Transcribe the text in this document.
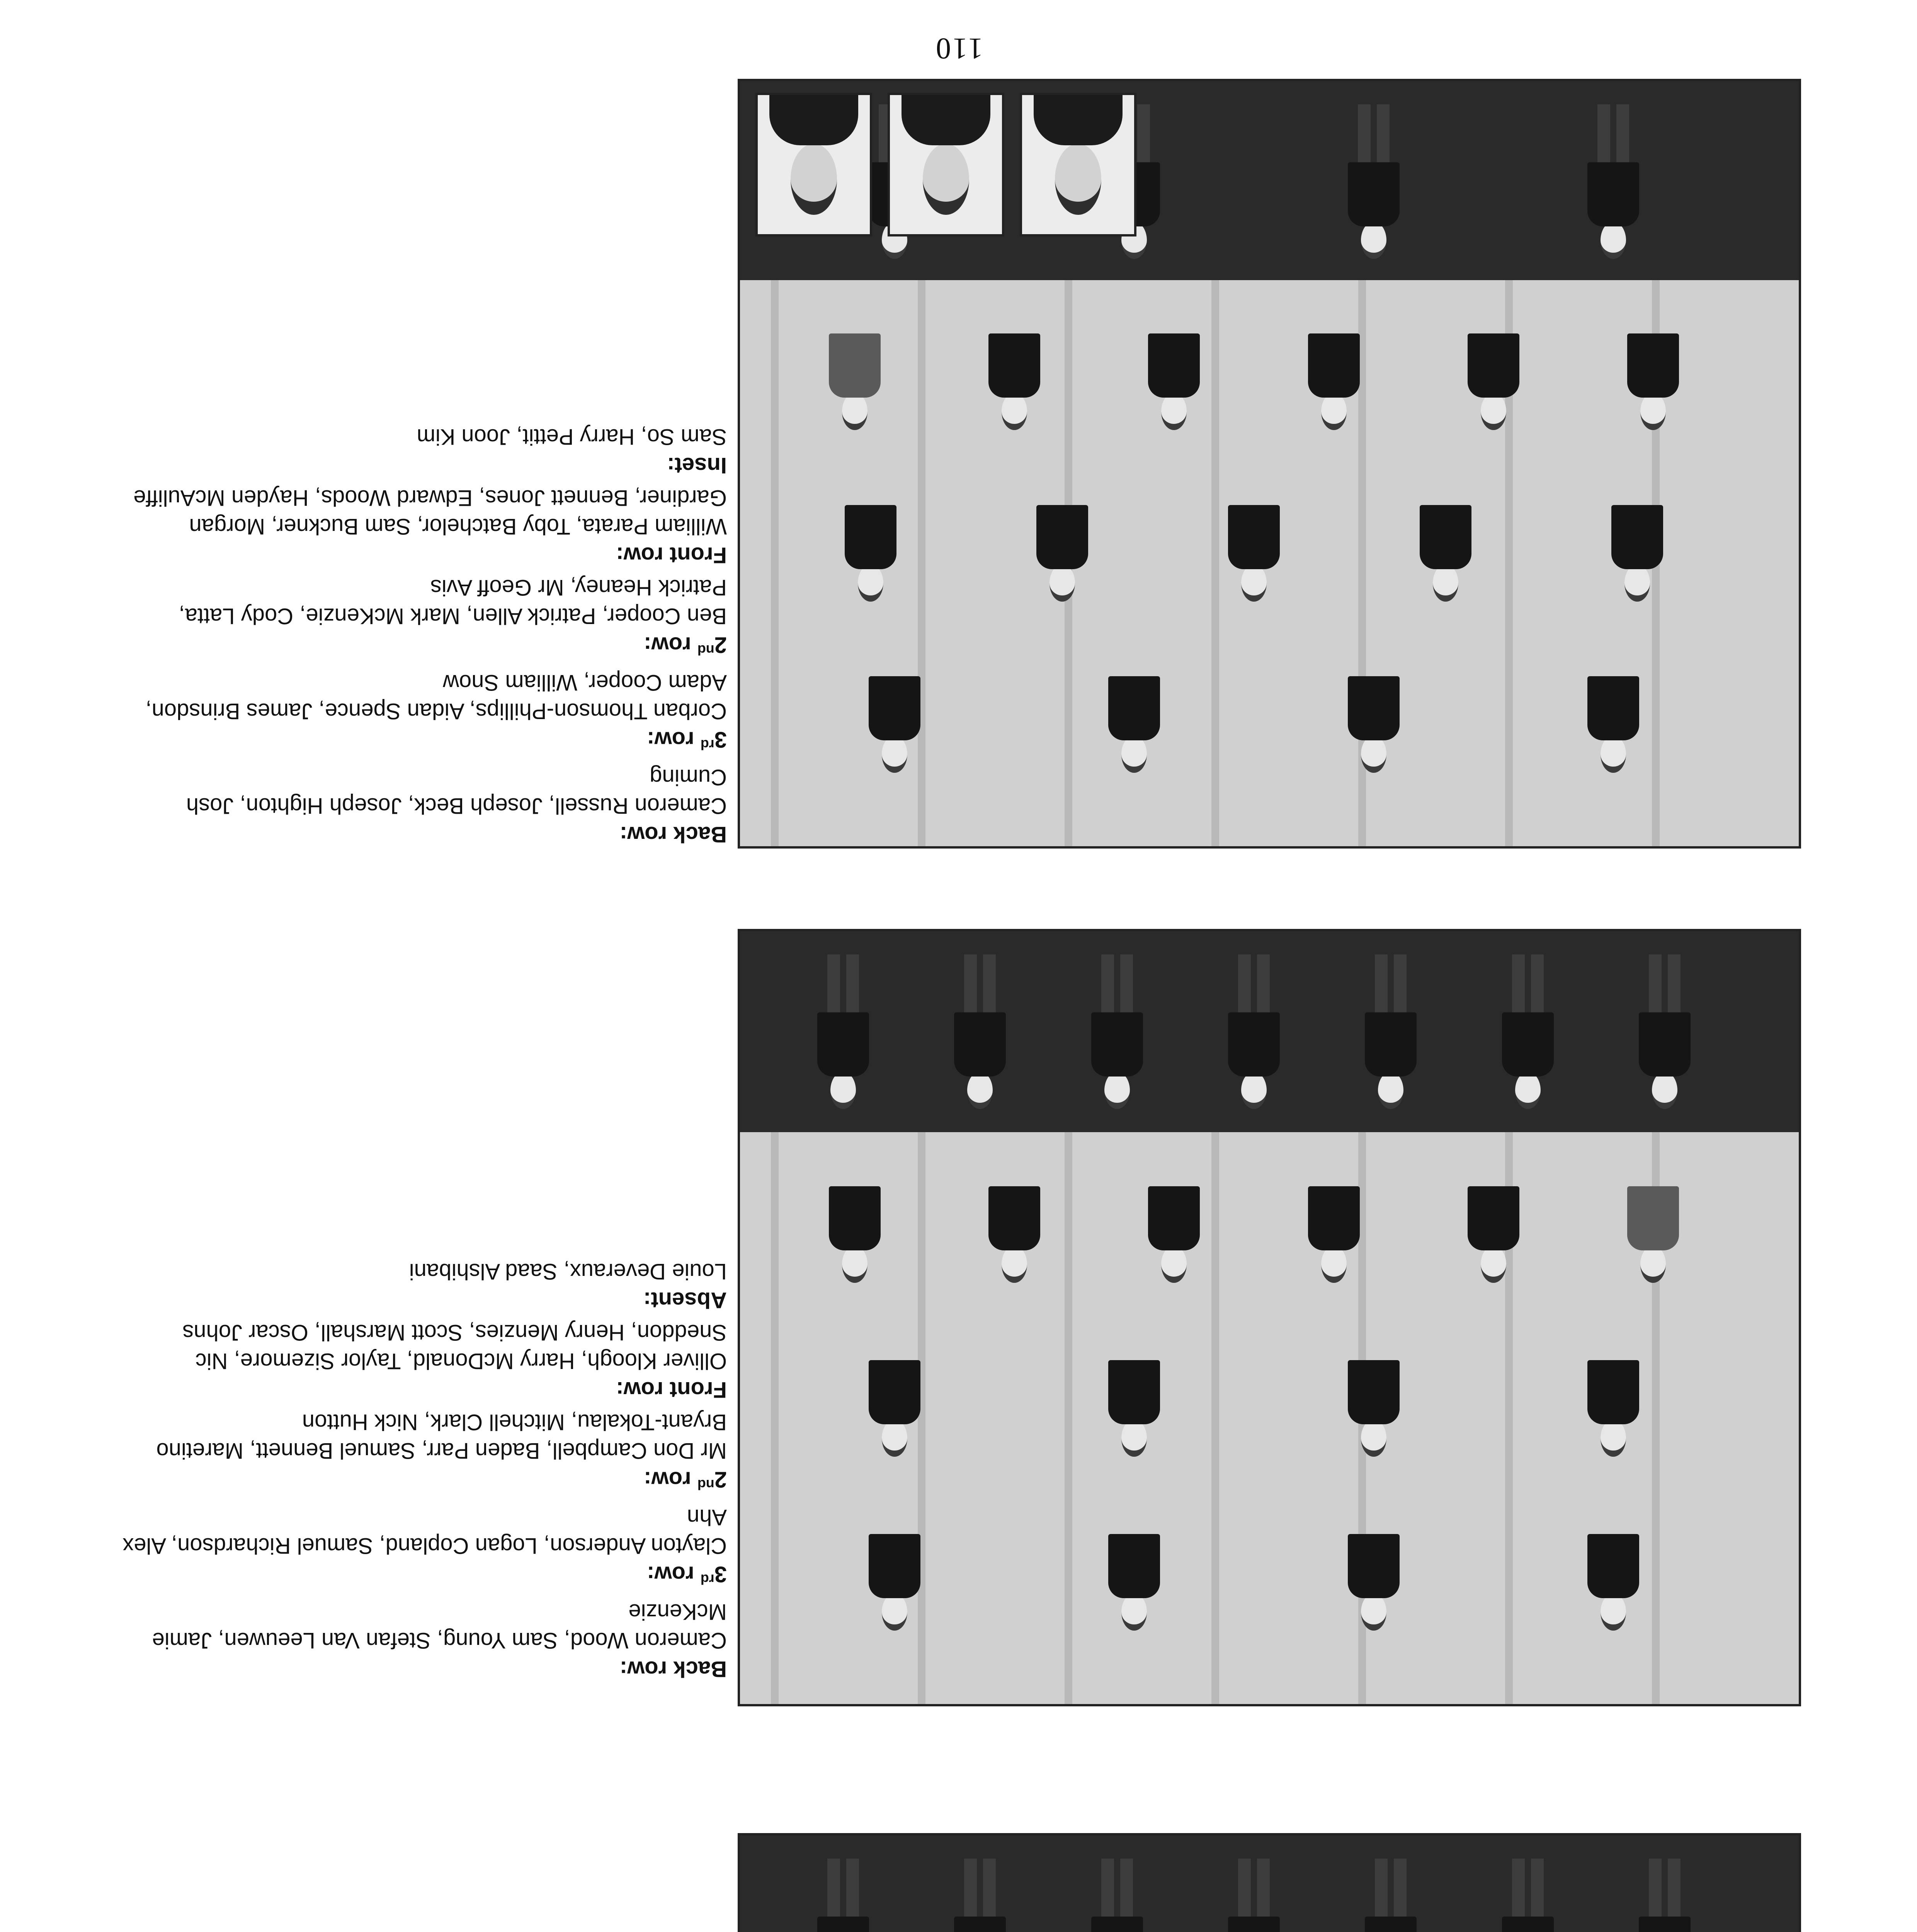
Back row:
Cameron Wood, Sam Young, Stefan Van Leeuwen, Jamie McKenzie
3rd row:
Clayton Anderson, Logan Copland, Samuel Richardson, Alex Ahn
2nd row:
Mr Don Campbell, Baden Parr, Samuel Bennett, Maretino Bryant-Tokalau, Mitchell Clark, Nick Hutton
Front row:
Olliver Kloogh, Harry McDonald, Taylor Sizemore, Nic Sneddon, Henry Menzies, Scott Marshall, Oscar Johns
Absent:
Louie Deveraux, Saad Alshibani
Back row:
Cameron Russell, Joseph Beck, Joseph Highton, Josh Cuming
3rd row:
Corban Thomson-Phillips, Aidan Spence, James Brinsdon, Adam Cooper, William Snow
2nd row:
Ben Cooper, Patrick Allen, Mark McKenzie, Cody Latta, Patrick Heaney, Mr Geoff Avis
Front row:
William Parata, Toby Batchelor, Sam Buckner, Morgan Gardiner, Bennett Jones, Edward Woods, Hayden McAuliffe
Inset:
Sam So, Harry Pettit, Joon Kim
110
